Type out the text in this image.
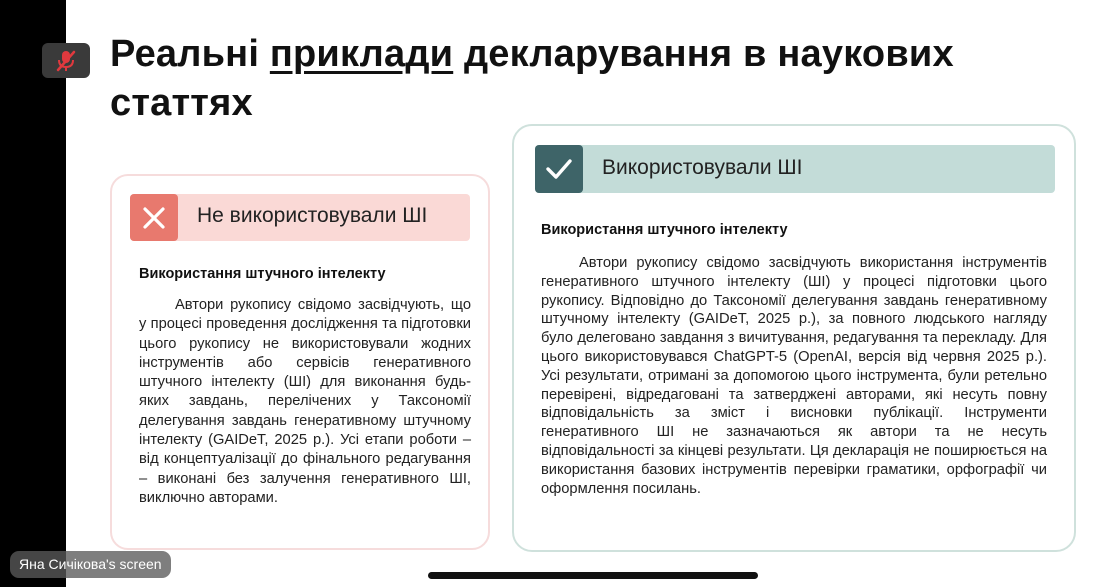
Реальні приклади декларування в наукових статтях
Не використовували ШІ
Використання штучного інтелекту

Автори рукопису свідомо засвідчують, що у процесі проведення дослідження та підготовки цього рукопису не використовували жодних інструментів або сервісів генеративного штучного інтелекту (ШІ) для виконання будь-яких завдань, перелічених у Таксономії делегування завдань генеративному штучному інтелекту (GAIDeT, 2025 р.). Усі етапи роботи – від концептуалізації до фінального редагування – виконані без залучення генеративного ШІ, виключно авторами.

Використовували ШІ
Використання штучного інтелекту

Автори рукопису свідомо засвідчують використання інструментів генеративного штучного інтелекту (ШІ) у процесі підготовки цього рукопису. Відповідно до Таксономії делегування завдань генеративному штучному інтелекту (GAIDeT, 2025 р.), за повного людського нагляду було делеговано завдання з вичитування, редагування та перекладу. Для цього використовувався ChatGPT-5 (OpenAI, версія від червня 2025 р.). Усі результати, отримані за допомогою цього інструмента, були ретельно перевірені, відредаговані та затверджені авторами, які несуть повну відповідальність за зміст і висновки публікації. Інструменти генеративного ШІ не зазначаються як автори та не несуть відповідальності за кінцеві результати. Ця декларація не поширюється на використання базових інструментів перевірки граматики, орфографії чи оформлення посилань.

Яна Сичікова's screen
